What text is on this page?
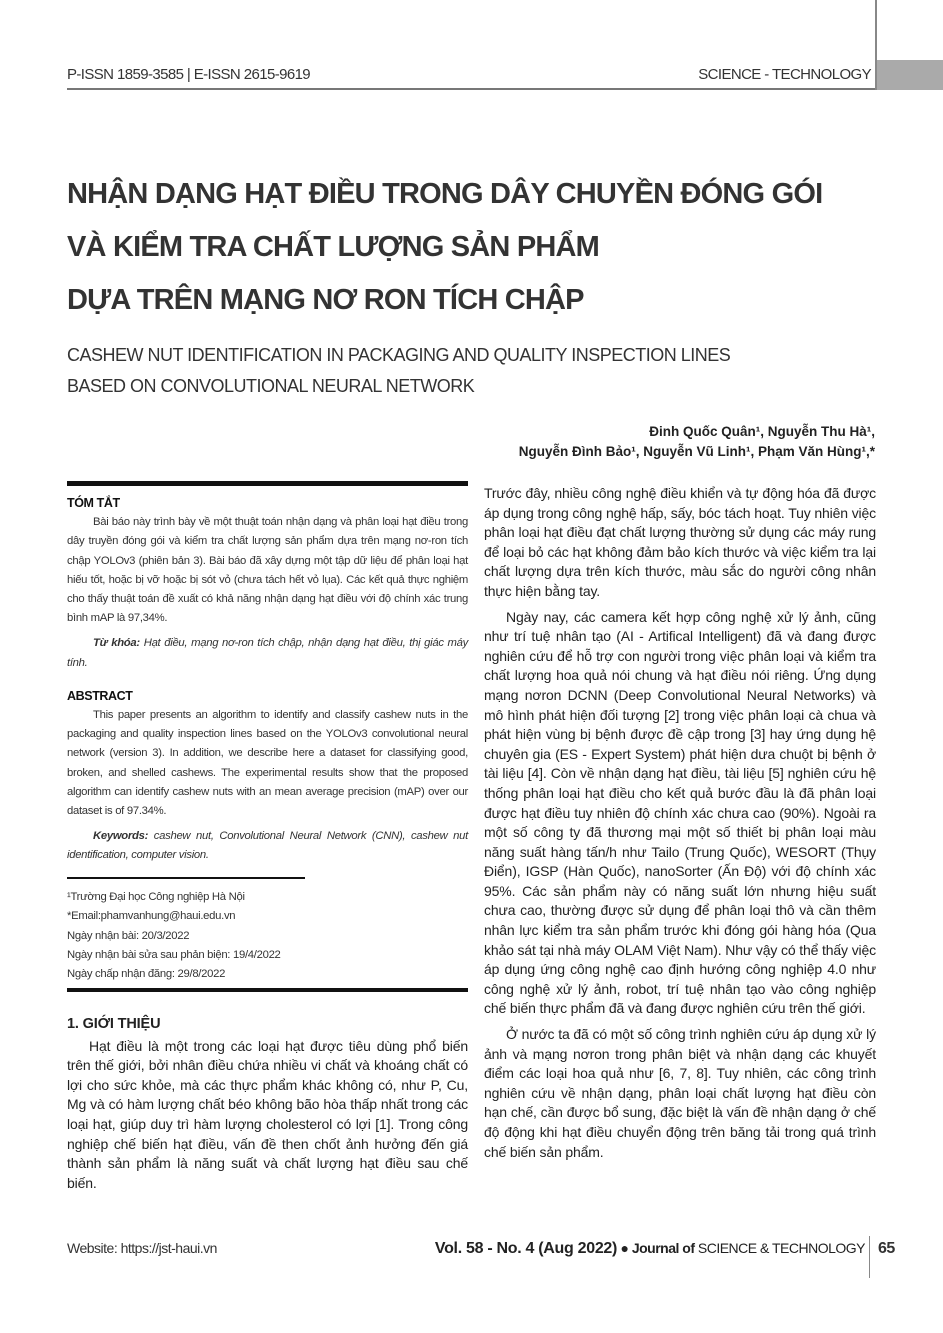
P-ISSN 1859-3585 | E-ISSN 2615-9619	SCIENCE - TECHNOLOGY
NHẬN DẠNG HẠT ĐIỀU TRONG DÂY CHUYỀN ĐÓNG GÓI
VÀ KIỂM TRA CHẤT LƯỢNG SẢN PHẨM
DỰA TRÊN MẠNG NƠ RON TÍCH CHẬP
CASHEW NUT IDENTIFICATION IN PACKAGING AND QUALITY INSPECTION LINES
BASED ON CONVOLUTIONAL NEURAL NETWORK
Đinh Quốc Quân¹, Nguyễn Thu Hà¹,
Nguyễn Đình Bảo¹, Nguyễn Vũ Linh¹, Phạm Văn Hùng¹,*
TÓM TẮT

Bài báo này trình bày về một thuật toán nhận dạng và phân loại hạt điều trong dây truyền đóng gói và kiểm tra chất lượng sản phẩm dựa trên mạng nơ-ron tích chập YOLOv3 (phiên bản 3). Bài báo đã xây dựng một tập dữ liệu để phân loại hạt hiếu tốt, hoặc bị vỡ hoặc bị sót vỏ (chưa tách hết vỏ lụa). Các kết quả thực nghiệm cho thấy thuật toán đề xuất có khả năng nhận dạng hạt điều với độ chính xác trung bình mAP là 97,34%.

Từ khóa: Hạt điều, mạng nơ-ron tích chập, nhận dạng hạt điều, thị giác máy tính.

ABSTRACT

This paper presents an algorithm to identify and classify cashew nuts in the packaging and quality inspection lines based on the YOLOv3 convolutional neural network (version 3). In addition, we describe here a dataset for classifying good, broken, and shelled cashews. The experimental results show that the proposed algorithm can identify cashew nuts with an mean average precision (mAP) over our dataset is of 97.34%.

Keywords: cashew nut, Convolutional Neural Network (CNN), cashew nut identification, computer vision.

¹Trường Đại học Công nghiệp Hà Nội
*Email:phamvanhung@haui.edu.vn
Ngày nhận bài: 20/3/2022
Ngày nhận bài sửa sau phản biện: 19/4/2022
Ngày chấp nhận đăng: 29/8/2022
1. GIỚI THIỆU

Hạt điều là một trong các loại hạt được tiêu dùng phổ biến trên thế giới, bởi nhân điều chứa nhiều vi chất và khoáng chất có lợi cho sức khỏe, mà các thực phẩm khác không có, như P, Cu, Mg và có hàm lượng chất béo không bão hòa thấp nhất trong các loại hạt, giúp duy trì hàm lượng cholesterol có lợi [1]. Trong công nghiệp chế biến hạt điều, vấn đề then chốt ảnh hưởng đến giá thành sản phẩm là năng suất và chất lượng hạt điều sau chế biến.

Trước đây, nhiều công nghệ điều khiển và tự động hóa đã được áp dụng trong công nghệ hấp, sấy, bóc tách hoạt. Tuy nhiên việc phân loại hạt điều đạt chất lượng thường sử dụng các máy rung để loại bỏ các hạt không đảm bảo kích thước và việc kiểm tra lại chất lượng dựa trên kích thước, màu sắc do người công nhân thực hiện bằng tay.

Ngày nay, các camera kết hợp công nghệ xử lý ảnh, cũng như trí tuệ nhân tạo (AI - Artifical Intelligent) đã và đang được nghiên cứu để hỗ trợ con người trong việc phân loại và kiểm tra chất lượng hoa quả nói chung và hạt điều nói riêng. Ứng dụng mạng nơron DCNN (Deep Convolutional Neural Networks) và mô hình phát hiện đối tượng [2] trong việc phân loại cà chua và phát hiện vùng bị bệnh được đề cập trong [3] hay ứng dụng hệ chuyên gia (ES - Expert System) phát hiện dưa chuột bị bệnh ở tài liệu [4]. Còn về nhận dạng hạt điều, tài liệu [5] nghiên cứu hệ thống phân loại hạt điều cho kết quả bước đầu là đã phân loại được hạt điều tuy nhiên độ chính xác chưa cao (90%). Ngoài ra một số công ty đã thương mại một số thiết bị phân loại màu năng suất hàng tấn/h như Tailo (Trung Quốc), WESORT (Thụy Điển), IGSP (Hàn Quốc), nanoSorter (Ấn Độ) với độ chính xác 95%. Các sản phẩm này có năng suất lớn nhưng hiệu suất chưa cao, thường được sử dụng để phân loại thô và cần thêm nhân lực kiểm tra sản phẩm trước khi đóng gói hàng hóa (Qua khảo sát tại nhà máy OLAM Việt Nam). Như vậy có thể thấy việc áp dụng ứng công nghệ cao định hướng công nghiệp 4.0 như công nghệ xử lý ảnh, robot, trí tuệ nhân tạo vào công nghiệp chế biến thực phẩm đã và đang được nghiên cứu trên thế giới.

Ở nước ta đã có một số công trình nghiên cứu áp dụng xử lý ảnh và mạng nơron trong phân biệt và nhận dạng các khuyết điểm các loại hoa quả như [6, 7, 8]. Tuy nhiên, các công trình nghiên cứu về nhận dạng, phân loại chất lượng hạt điều còn hạn chế, cần được bổ sung, đặc biệt là vấn đề nhận dạng ở chế độ động khi hạt điều chuyển động trên băng tải trong quá trình chế biến sản phẩm.

Website: https://jst-haui.vn	Vol. 58 - No. 4 (Aug 2022) ● Journal of SCIENCE & TECHNOLOGY 65
